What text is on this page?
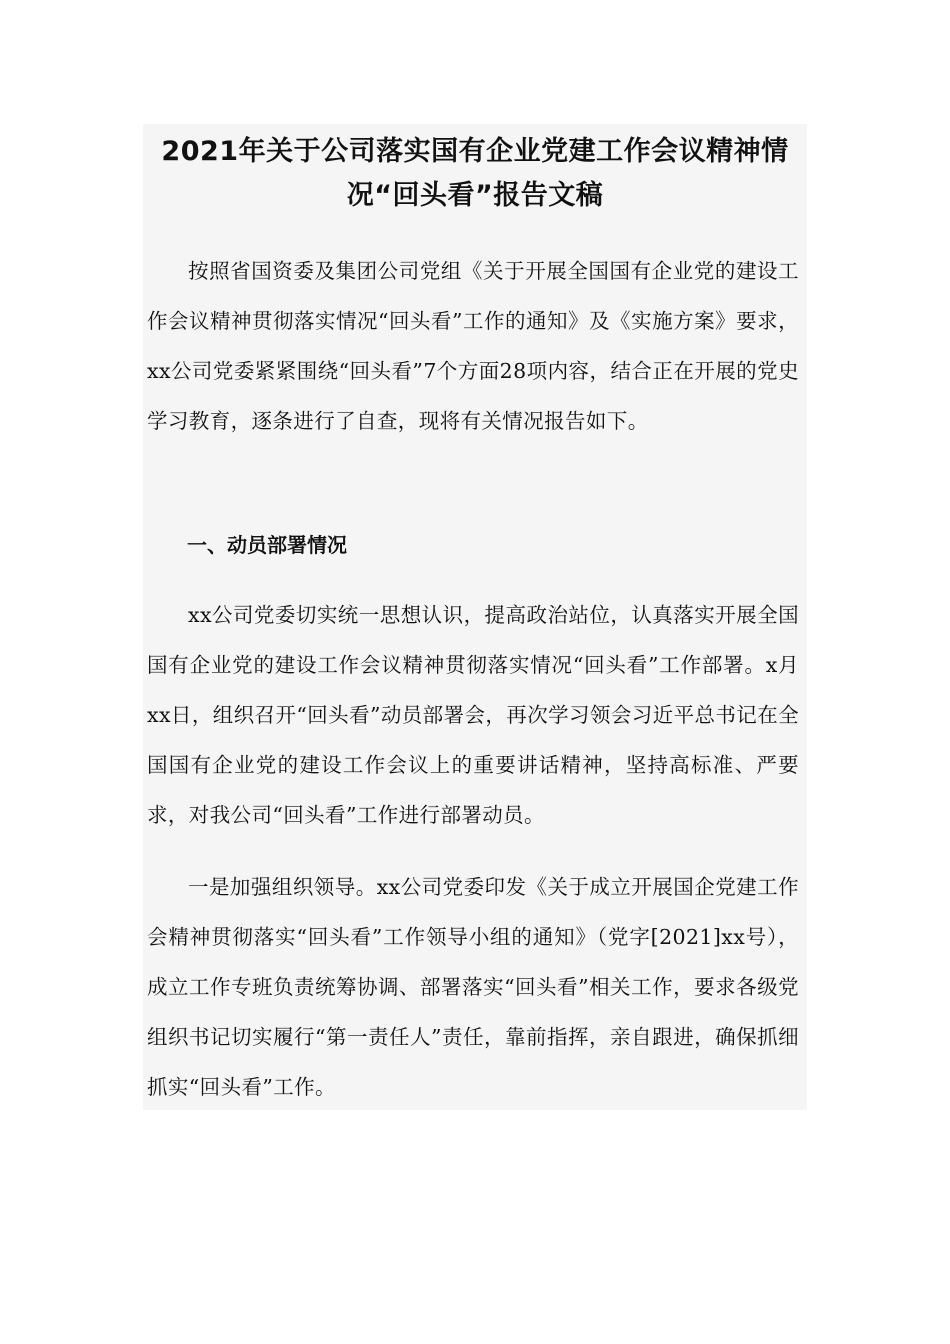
2021年关于公司落实国有企业党建工作会议精神情况“回头看”报告文稿

按照省国资委及集团公司党组《关于开展全国国有企业党的建设工作会议精神贯彻落实情况“回头看”工作的通知》及《实施方案》要求，xx公司党委紧紧围绕“回头看”7个方面28项内容，结合正在开展的党史学习教育，逐条进行了自查，现将有关情况报告如下。

一、动员部署情况

xx公司党委切实统一思想认识，提高政治站位，认真落实开展全国国有企业党的建设工作会议精神贯彻落实情况“回头看”工作部署。x月xx日，组织召开“回头看”动员部署会，再次学习领会习近平总书记在全国国有企业党的建设工作会议上的重要讲话精神，坚持高标准、严要求，对我公司“回头看”工作进行部署动员。

一是加强组织领导。xx公司党委印发《关于成立开展国企党建工作会精神贯彻落实“回头看”工作领导小组的通知》（党字[2021]xx号），成立工作专班负责统筹协调、部署落实“回头看”相关工作，要求各级党组织书记切实履行“第一责任人”责任，靠前指挥，亲自跟进，确保抓细抓实“回头看”工作。
